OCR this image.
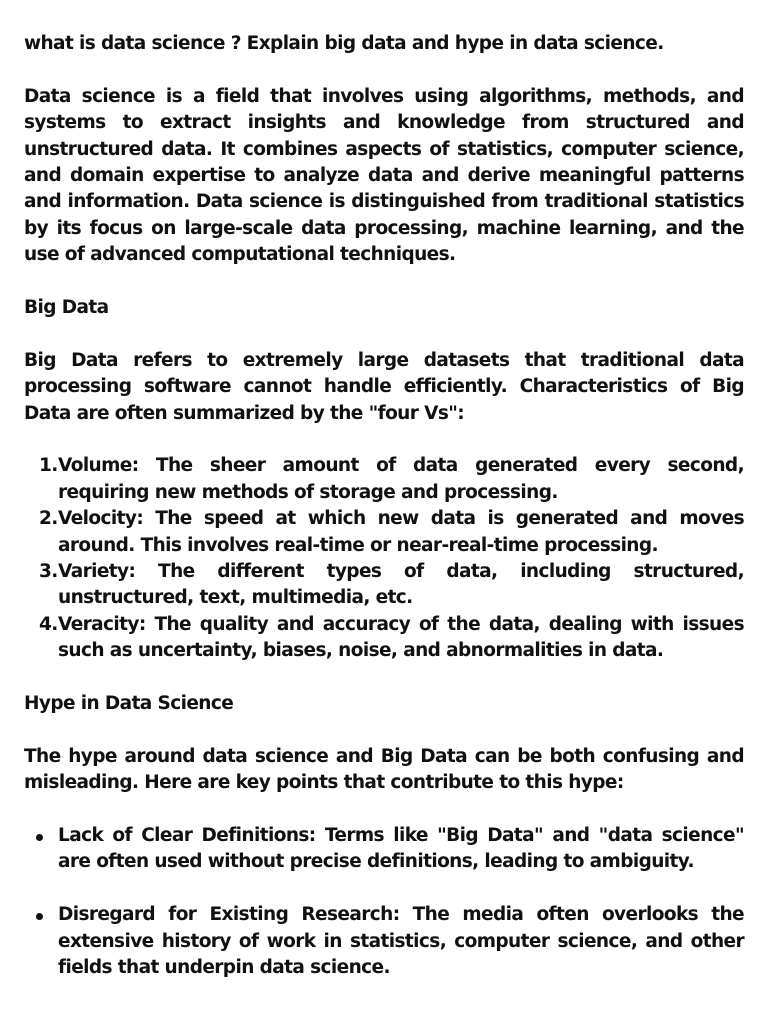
what is data science ? Explain big data and hype in data science.

Data science is a field that involves using algorithms, methods, and systems to extract insights and knowledge from structured and unstructured data. It combines aspects of statistics, computer science, and domain expertise to analyze data and derive meaningful patterns and information. Data science is distinguished from traditional statistics by its focus on large-scale data processing, machine learning, and the use of advanced computational techniques.

Big Data

Big Data refers to extremely large datasets that traditional data processing software cannot handle efficiently. Characteristics of Big Data are often summarized by the "four Vs":

1. Volume: The sheer amount of data generated every second, requiring new methods of storage and processing.
2. Velocity: The speed at which new data is generated and moves around. This involves real-time or near-real-time processing.
3. Variety: The different types of data, including structured, unstructured, text, multimedia, etc.
4. Veracity: The quality and accuracy of the data, dealing with issues such as uncertainty, biases, noise, and abnormalities in data.

Hype in Data Science

The hype around data science and Big Data can be both confusing and misleading. Here are key points that contribute to this hype:

Lack of Clear Definitions: Terms like "Big Data" and "data science" are often used without precise definitions, leading to ambiguity.
Disregard for Existing Research: The media often overlooks the extensive history of work in statistics, computer science, and other fields that underpin data science.
